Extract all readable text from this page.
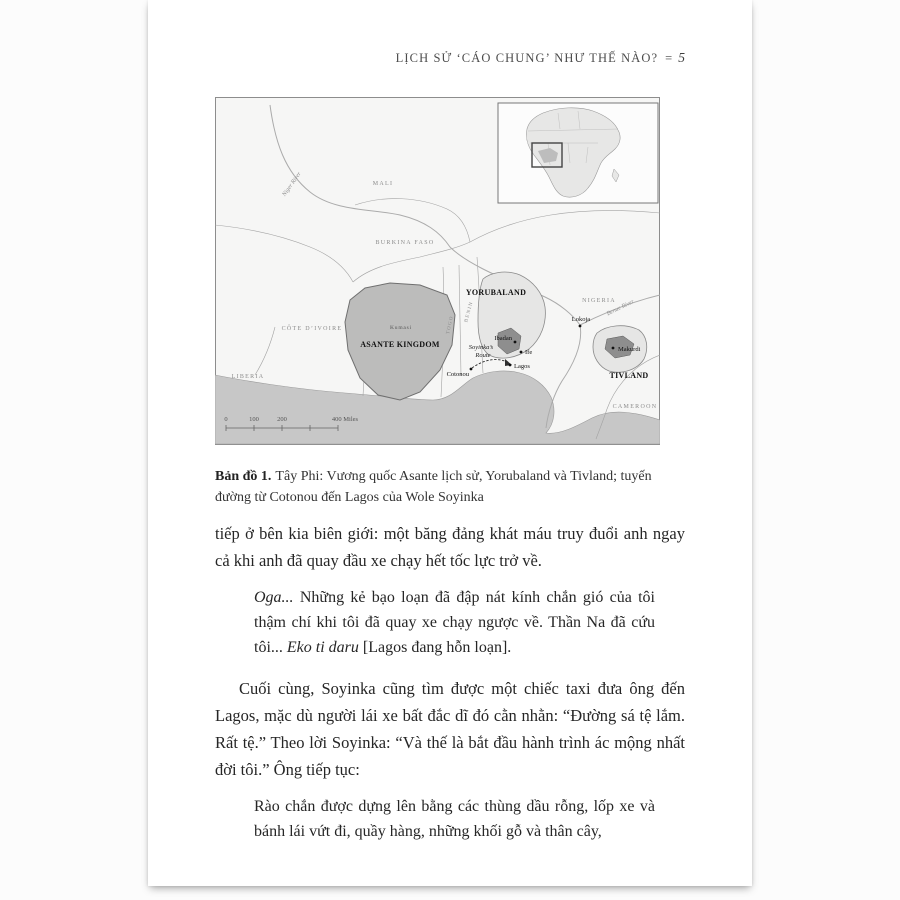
LỊCH SỬ ‘CÁO CHUNG’ NHƯ THẾ NÀO? = 5
MALI
BURKINA FASO
CÔTE D’IVOIRE
LIBERIA
TOGO
BENIN	NIGERIA
CAMEROON
ASANTE KINGDOM
Kumasi
YORUBALAND
TIVLAND
Cotonou
Lagos
Ibadan
Ife
Lokoja
Makurdi
Niger River
Benue River
Soyinka’s
Route
0	100	200	400 Miles

Bản đồ 1. Tây Phi: Vương quốc Asante lịch sử, Yorubaland và Tivland; tuyến đường từ Cotonou đến Lagos của Wole Soyinka

tiếp ở bên kia biên giới: một băng đảng khát máu truy đuổi anh ngay cả khi anh đã quay đầu xe chạy hết tốc lực trở về.

Oga... Những kẻ bạo loạn đã đập nát kính chắn gió của tôi thậm chí khi tôi đã quay xe chạy ngược về. Thần Na đã cứu tôi... Eko ti daru [Lagos đang hỗn loạn].

Cuối cùng, Soyinka cũng tìm được một chiếc taxi đưa ông đến Lagos, mặc dù người lái xe bất đắc dĩ đó cằn nhằn: “Đường sá tệ lắm. Rất tệ.” Theo lời Soyinka: “Và thế là bắt đầu hành trình ác mộng nhất đời tôi.” Ông tiếp tục:

Rào chắn được dựng lên bằng các thùng dầu rỗng, lốp xe và bánh lái vứt đi, quầy hàng, những khối gỗ và thân cây,
